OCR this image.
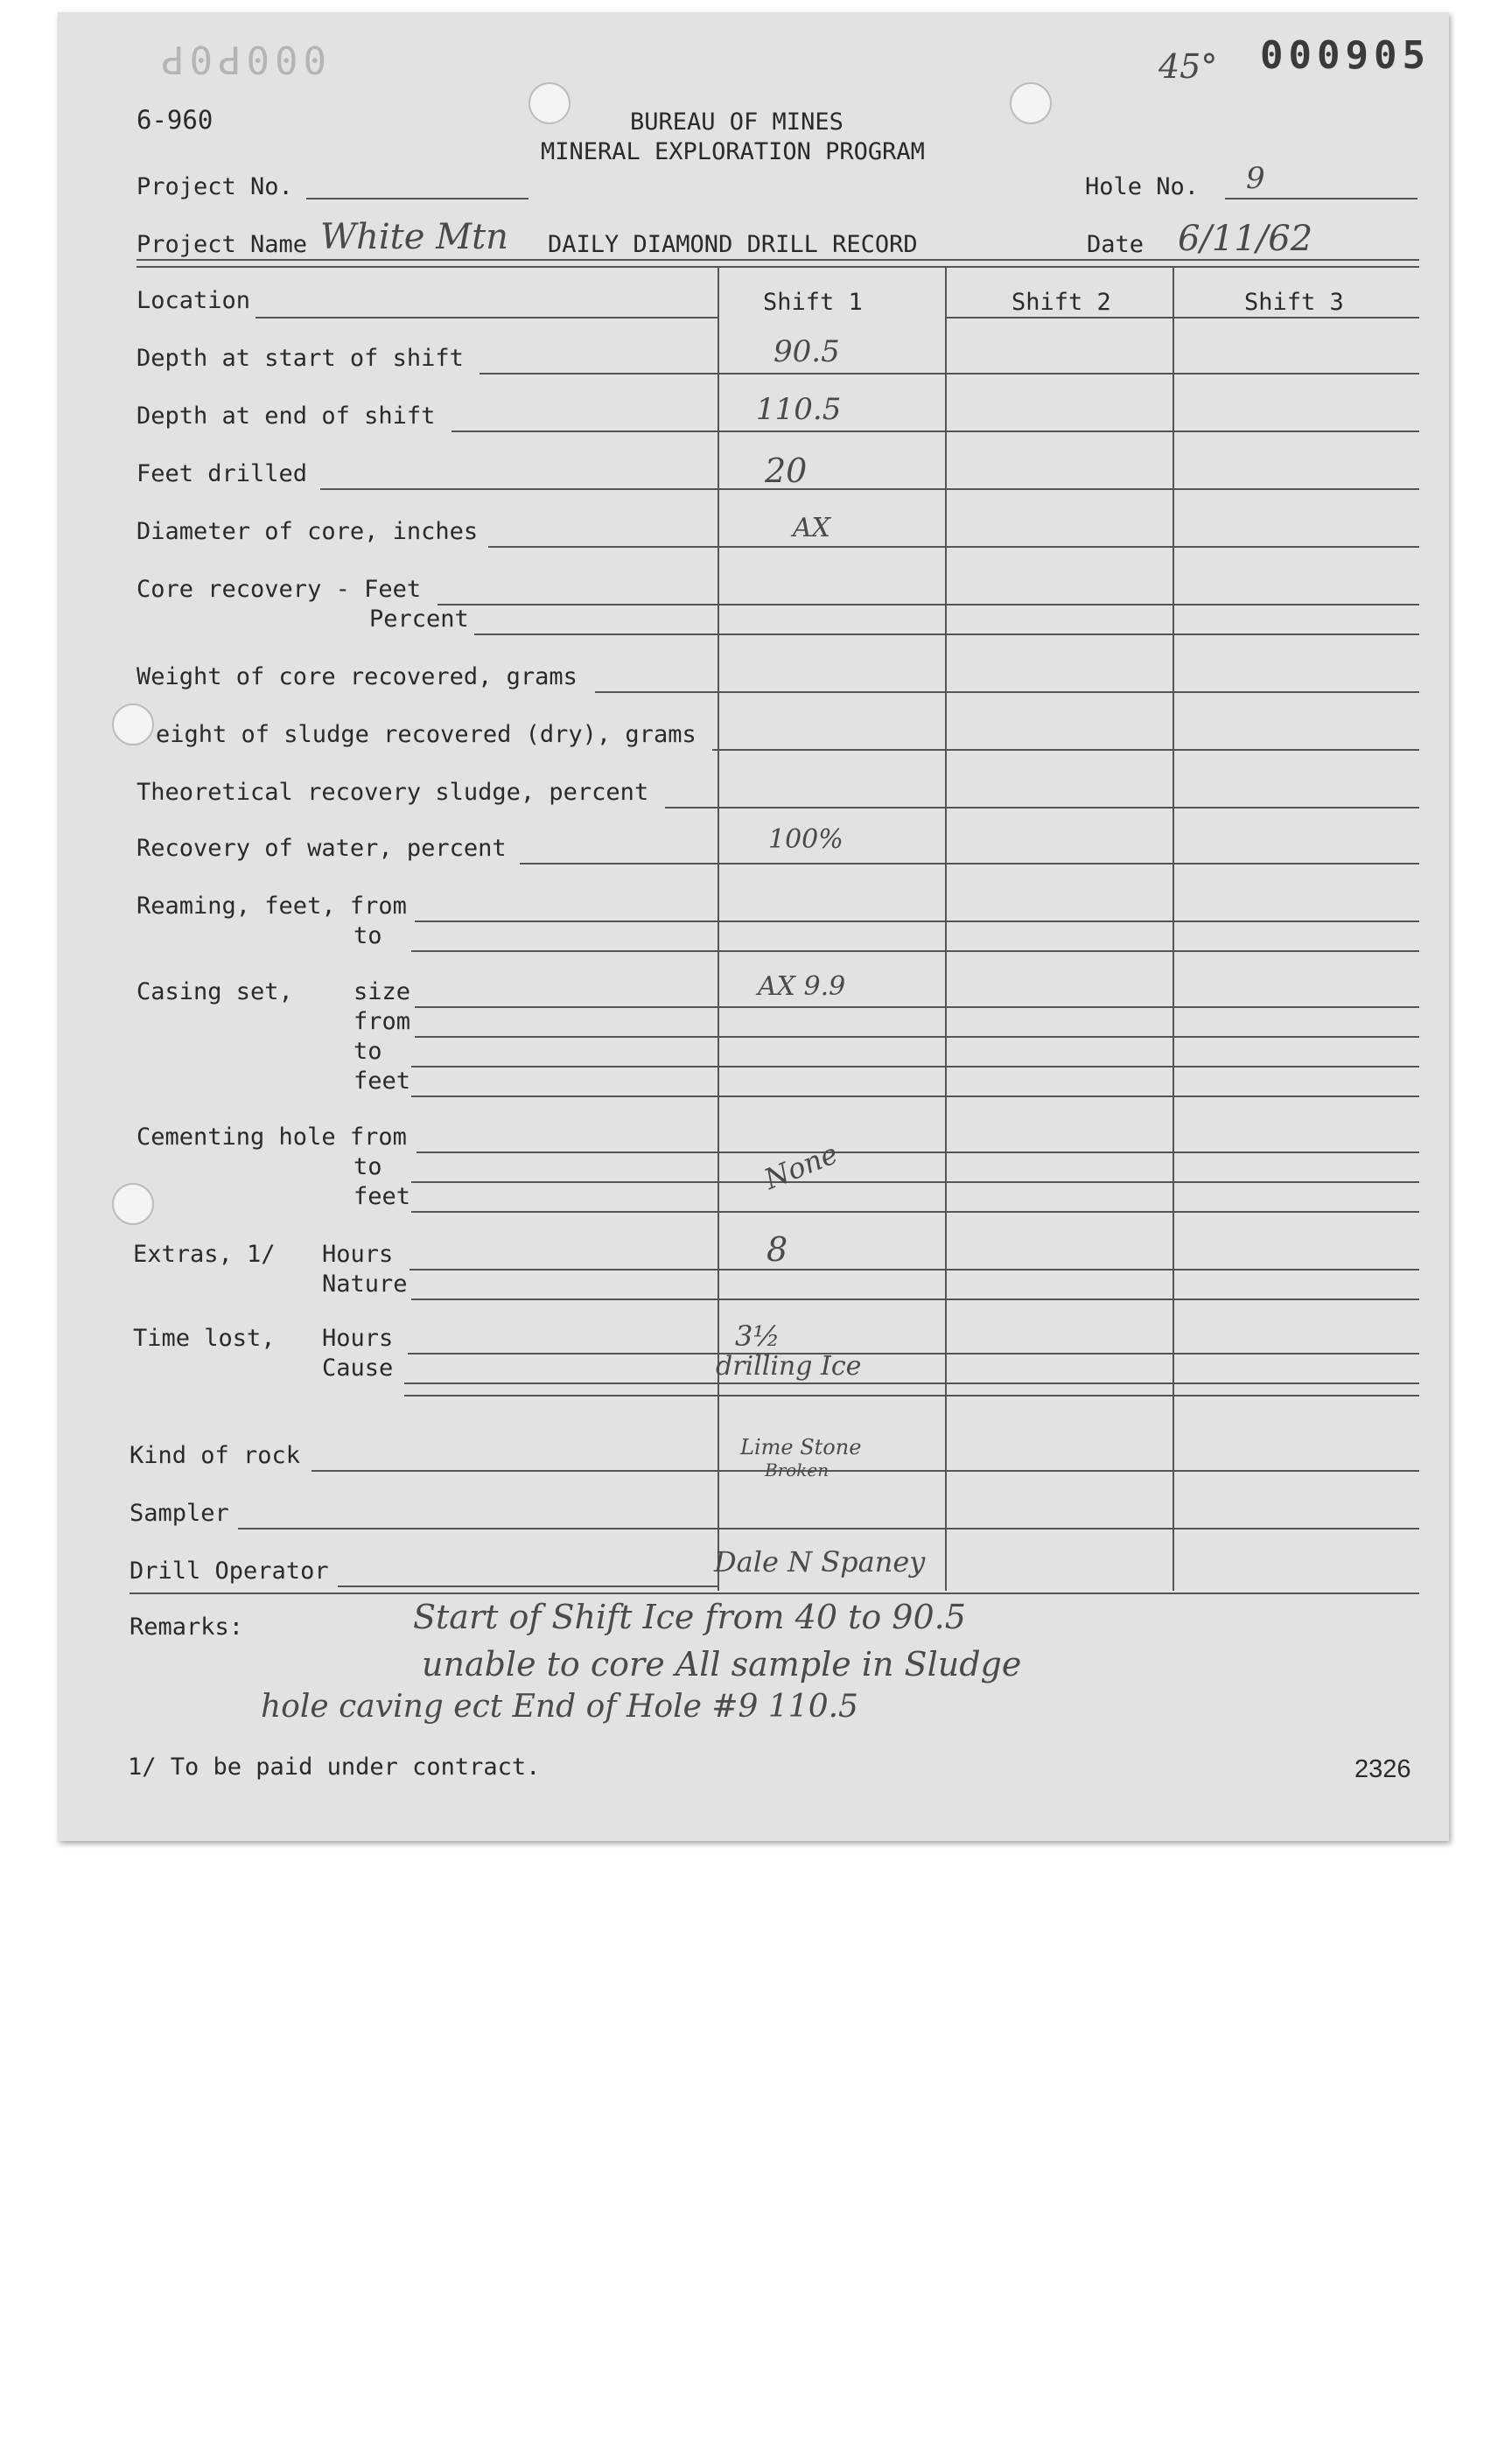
000P0P	45° 000905
6-960	BUREAU OF MINES
MINERAL EXPLORATION PROGRAM
Project No.	Hole No. 9
Project Name White Mtn DAILY DIAMOND DRILL RECORD	Date 6/11/62
Shift 1	Shift 2	Shift 3
Location
Depth at start of shift	90.5
Depth at end of shift	110.5
Feet drilled	20
Diameter of core, inches	AX
Core recovery - Feet
Percent
Weight of core recovered, grams
eight of sludge recovered (dry), grams
Theoretical recovery sludge, percent
Recovery of water, percent	100%
Reaming, feet, from
to
Casing set,	size	AX 9.9
from
to
feet
Cementing hole from
to
feet
None
Extras, 1/ Hours	8
Nature
Time lost, Hours	3½
Cause	drilling Ice
Kind of rock	Lime Stone
Broken
Sampler
Drill Operator	Dale N Spaney
Remarks:	Start of Shift Ice from 40 to 90.5
unable to core All sample in Sludge
hole caving ect End of Hole #9 110.5
1/ To be paid under contract.	2326
